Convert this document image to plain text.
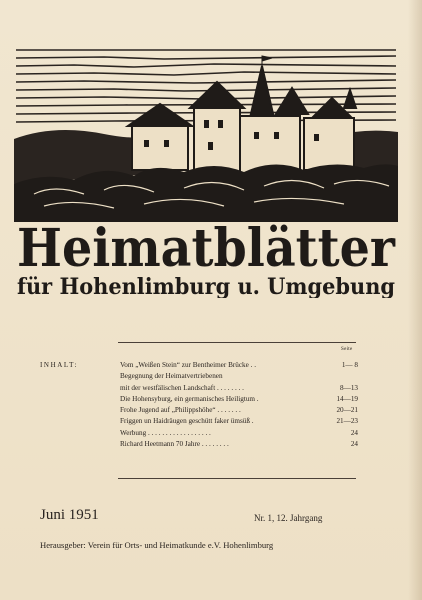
Heimatblätter
für Hohenlimburg u. Umgebung
Seite
INHALT:	Vom „Weißen Stein“ zur Bentheimer Brücke . .	1— 8
Begegnung der Heimatvertriebenen
mit der westfälischen Landschaft . . . . . . . .	8—13
Die Hohensyburg, ein germanisches Heiligtum .	14—19
Frohe Jugend auf „Philippshöhe“ . . . . . . .	20—21
Friggen un Haidräugen geschütt faker ümsüß .	21—23
Werbung . . . . . . . . . . . . . . . . . .	24
Richard Heetmann 70 Jahre . . . . . . . .	24
Juni 1951	Nr. 1, 12. Jahrgang
Herausgeber: Verein für Orts- und Heimatkunde e.V. Hohenlimburg
